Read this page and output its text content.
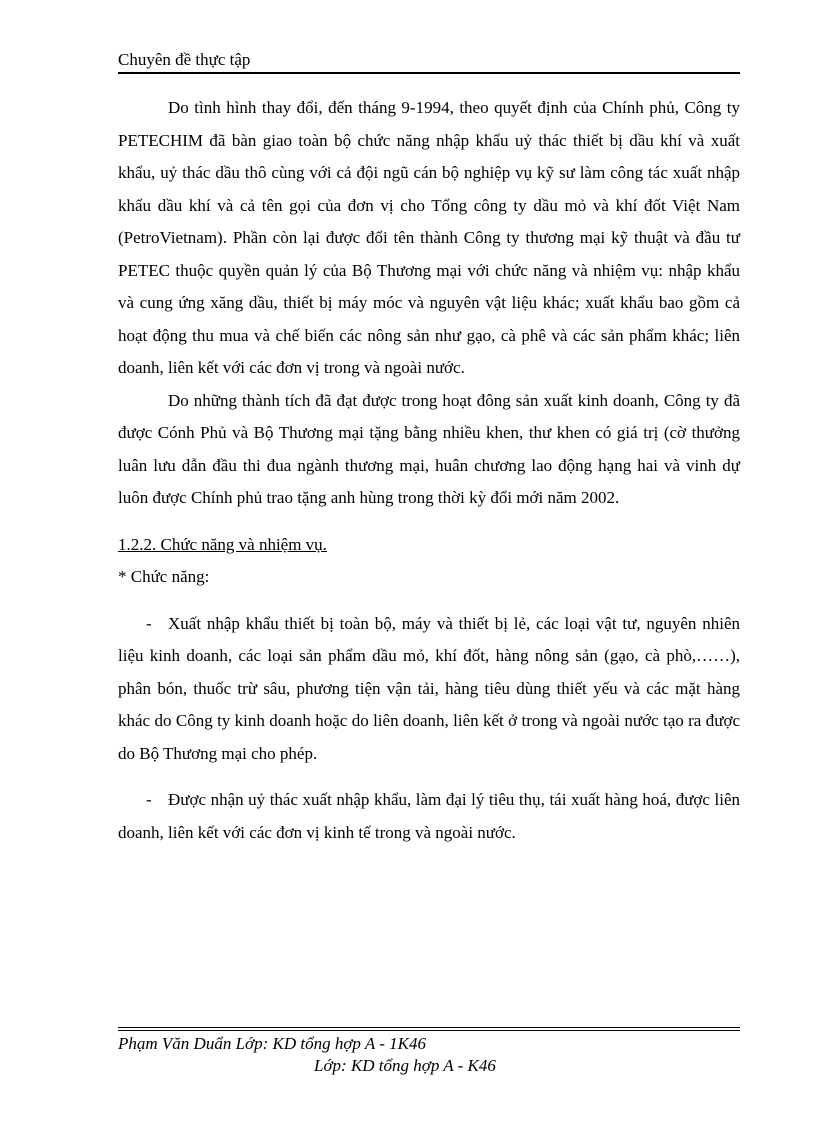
Chuyên đề thực tập

Do tình hình thay đổi, đến tháng 9-1994, theo quyết định của Chính phủ, Công ty PETECHIM đã bàn giao toàn bộ chức năng nhập khẩu uỷ thác thiết bị dầu khí và xuất khẩu, uỷ thác dầu thô cùng với cả đội ngũ cán bộ nghiệp vụ kỹ sư làm công tác xuất nhập khẩu dầu khí và cả tên gọi của đơn vị cho Tổng công ty dầu mỏ và khí đốt Việt Nam (PetroVietnam). Phần còn lại được đổi tên thành Công ty thương mại kỹ thuật và đầu tư PETEC thuộc quyền quản lý của Bộ Thương mại với chức năng và nhiệm vụ: nhập khẩu và cung ứng xăng dầu, thiết bị máy móc và nguyên vật liệu khác; xuất khẩu bao gồm cả hoạt động thu mua và chế biến các nông sản như gạo, cà phê và các sản phẩm khác; liên doanh, liên kết với các đơn vị trong và ngoài nước.

Do những thành tích đã đạt được trong hoạt đông sản xuất kinh doanh, Công ty đã được Cónh Phủ và Bộ Thương mại tặng bằng nhiều khen, thư khen có giá trị (cờ thưởng luân lưu dẫn đầu thi đua ngành thương mại, huân chương lao động hạng hai và vinh dự luôn được Chính phủ trao tặng anh hùng trong thời kỳ đổi mới năm 2002.

1.2.2. Chức năng và nhiệm vụ.

* Chức năng:

- Xuất nhập khẩu thiết bị toàn bộ, máy và thiết bị lẻ, các loại vật tư, nguyên nhiên liệu kinh doanh, các loại sản phẩm dầu mỏ, khí đốt, hàng nông sản (gạo, cà phò,……), phân bón, thuốc trừ sâu, phương tiện vận tải, hàng tiêu dùng thiết yếu và các mặt hàng khác do Công ty kinh doanh hoặc do liên doanh, liên kết ở trong và ngoài nước tạo ra được do Bộ Thương mại cho phép.

- Được nhận uỷ thác xuất nhập khẩu, làm đại lý tiêu thụ, tái xuất hàng hoá, được liên doanh, liên kết với các đơn vị kinh tế trong và ngoài nước.

Phạm Văn Duẩn Lớp: KD tổng hợp A - 1K46
Lớp: KD tổng hợp A - K46
